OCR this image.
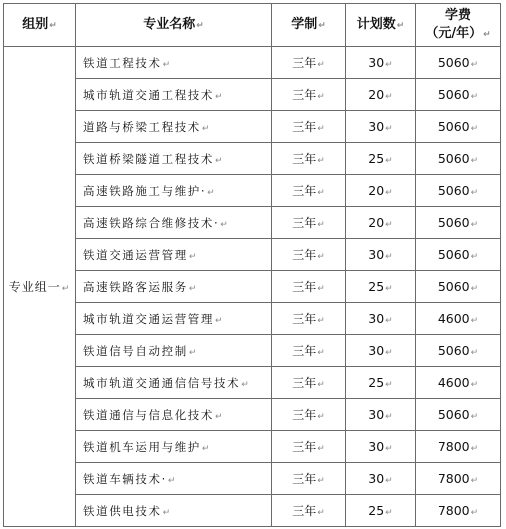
组别↵	专业名称↵	学制↵	计划数↵	学费
（元/年）↵

专业组一↵	铁道工程技术↵	三年↵	30↵	5060↵
	城市轨道交通工程技术↵	三年↵	20↵	5060↵
	道路与桥梁工程技术↵	三年↵	30↵	5060↵
	铁道桥梁隧道工程技术↵	三年↵	25↵	5060↵
	高速铁路施工与维护·↵	三年↵	20↵	5060↵
	高速铁路综合维修技术·↵	三年↵	20↵	5060↵
	铁道交通运营管理↵	三年↵	30↵	5060↵
	高速铁路客运服务↵	三年↵	25↵	5060↵
	城市轨道交通运营管理↵	三年↵	30↵	4600↵
	铁道信号自动控制↵	三年↵	30↵	5060↵
	城市轨道交通通信信号技术↵	三年↵	25↵	4600↵
	铁道通信与信息化技术↵	三年↵	30↵	5060↵
	铁道机车运用与维护↵	三年↵	30↵	7800↵
	铁道车辆技术·↵	三年↵	30↵	7800↵
	铁道供电技术↵	三年↵	25↵	7800↵
